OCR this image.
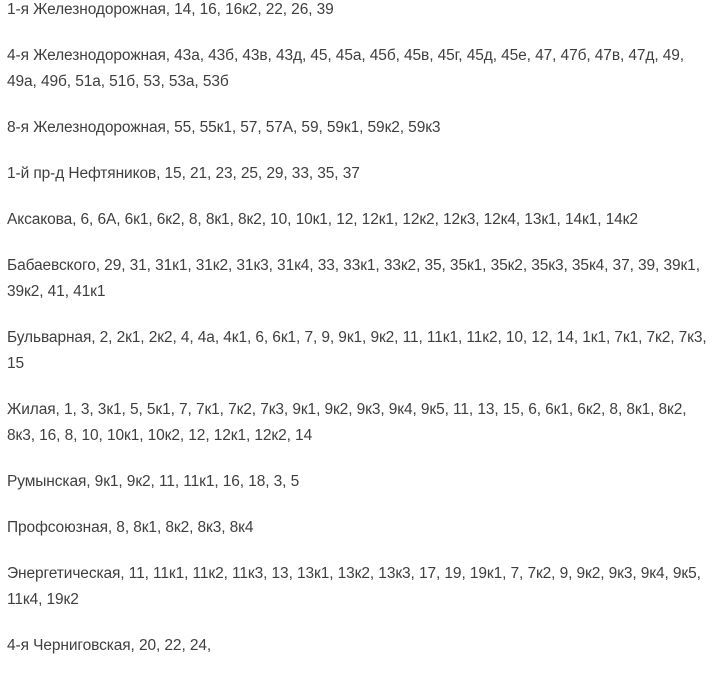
1-я Железнодорожная, 14, 16, 16к2, 22, 26, 39
4-я Железнодорожная, 43а, 43б, 43в, 43д, 45, 45а, 45б, 45в, 45г, 45д, 45е, 47, 47б, 47в, 47д, 49, 49а, 49б, 51а, 51б, 53, 53а, 53б
8-я Железнодорожная, 55, 55к1, 57, 57А, 59, 59к1, 59к2, 59к3
1-й пр-д Нефтяников, 15, 21, 23, 25, 29, 33, 35, 37
Аксакова, 6, 6А, 6к1, 6к2, 8, 8к1, 8к2, 10, 10к1, 12, 12к1, 12к2, 12к3, 12к4, 13к1, 14к1, 14к2
Бабаевского, 29, 31, 31к1, 31к2, 31к3, 31к4, 33, 33к1, 33к2, 35, 35к1, 35к2, 35к3, 35к4, 37, 39, 39к1, 39к2, 41, 41к1
Бульварная, 2, 2к1, 2к2, 4, 4а, 4к1, 6, 6к1, 7, 9, 9к1, 9к2, 11, 11к1, 11к2, 10, 12, 14, 1к1, 7к1, 7к2, 7к3, 15
Жилая, 1, 3, 3к1, 5, 5к1, 7, 7к1, 7к2, 7к3, 9к1, 9к2, 9к3, 9к4, 9к5, 11, 13, 15, 6, 6к1, 6к2, 8, 8к1, 8к2, 8к3, 16, 8, 10, 10к1, 10к2, 12, 12к1, 12к2, 14
Румынская, 9к1, 9к2, 11, 11к1, 16, 18, 3, 5
Профсоюзная, 8, 8к1, 8к2, 8к3, 8к4
Энергетическая, 11, 11к1, 11к2, 11к3, 13, 13к1, 13к2, 13к3, 17, 19, 19к1, 7, 7к2, 9, 9к2, 9к3, 9к4, 9к5, 11к4, 19к2
4-я Черниговская, 20, 22, 24,
